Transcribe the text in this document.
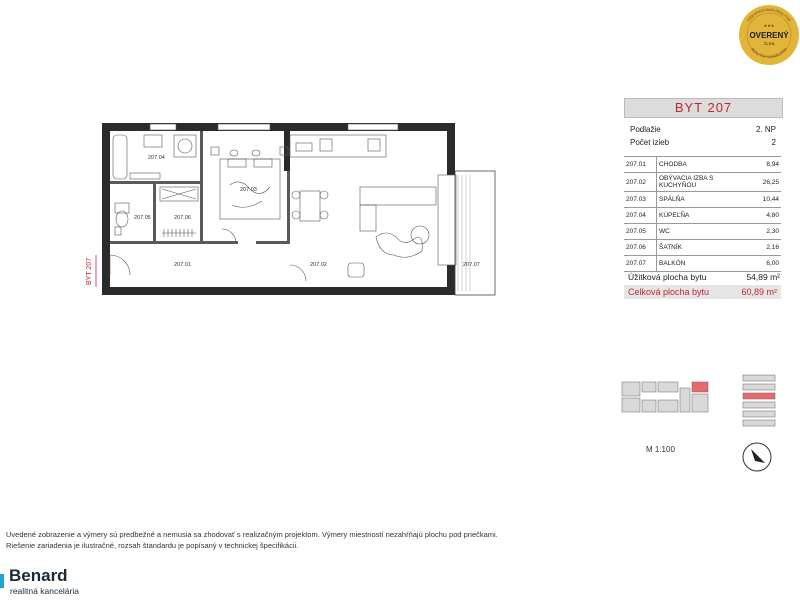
207.04
207.05	207.06
207.03
207.01	207.02	207.07
BYT 207
CERTIFIKOVANÁ REALITNÁ
REALITNÁ KANCELÁRIA
★★★
OVERENÝ
ČLEN
BYT 207
Podlažie	2. NP
Počet izieb	2
207.01	CHODBA	8,94
207.02	OBÝVACIA IZBA S KUCHYŇOU	26,25
207.03	SPÁLŇA	10,44
207.04	KÚPEĽŇA	4,80
207.05	WC	2,30
207.06	ŠATNÍK	2,16
207.07	BALKÓN	6,00
Úžitková plocha bytu	54,89 m²
Celková plocha bytu	60,89 m²
M 1:100
Uvedené zobrazenie a výmery sú predbežné a nemusia sa zhodovať s realizačným projektom. Výmery miestností nezahŕňajú plochu pod priečkami.
Riešenie zariadenia je ilustračné, rozsah štandardu je popísaný v technickej špecifikácii.
Benard
realitná kancelária
